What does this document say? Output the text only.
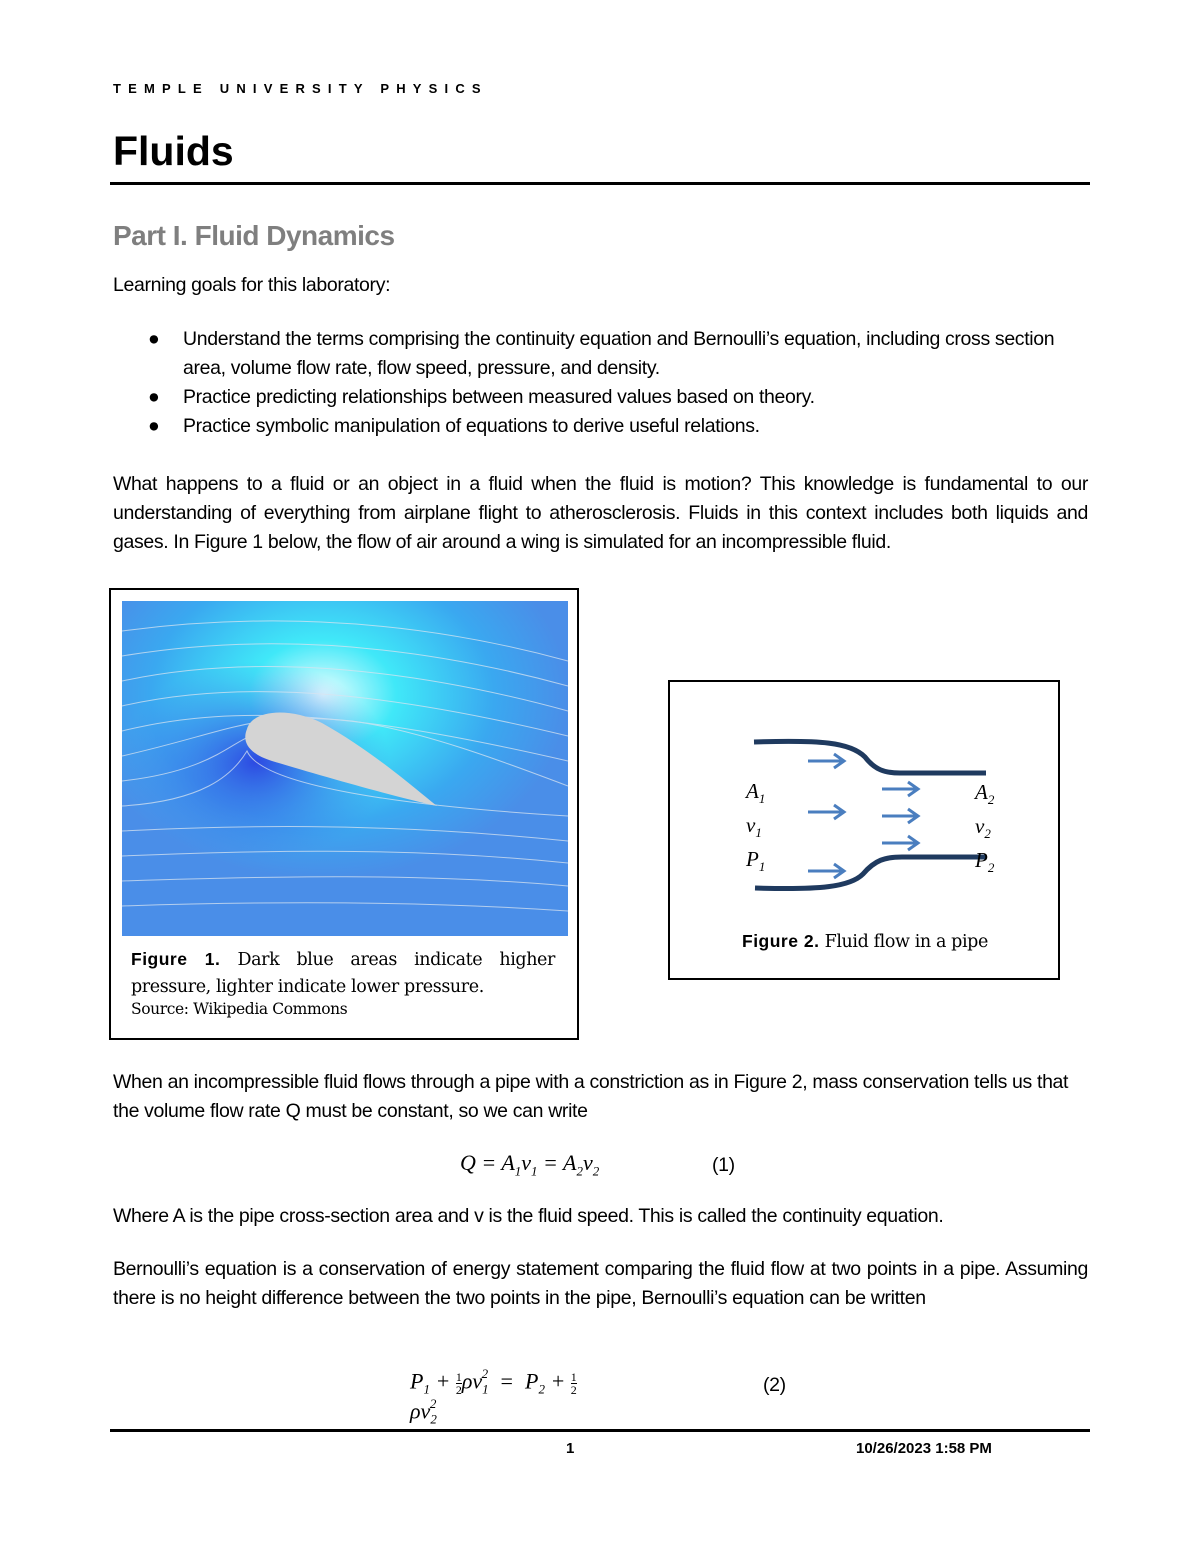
TEMPLE UNIVERSITY PHYSICS
Fluids
Part I. Fluid Dynamics
Learning goals for this laboratory:
● Understand the terms comprising the continuity equation and Bernoulli’s equation, including cross section area, volume flow rate, flow speed, pressure, and density.
● Practice predicting relationships between measured values based on theory.
● Practice symbolic manipulation of equations to derive useful relations.
What happens to a fluid or an object in a fluid when the fluid is motion? This knowledge is fundamental to our understanding of everything from airplane flight to atherosclerosis. Fluids in this context includes both liquids and gases. In Figure 1 below, the flow of air around a wing is simulated for an incompressible fluid.
Figure 1. Dark blue areas indicate higher pressure, lighter indicate lower pressure.
Source: Wikipedia Commons
$A_1$
$v_1$
$P_1$
$A_2$
$v_2$
$P_2$
Figure 2. Fluid flow in a pipe
When an incompressible fluid flows through a pipe with a constriction as in Figure 2, mass conservation tells us that the volume flow rate Q must be constant, so we can write
$Q = A_1v_1 = A_2v_2$	(1)
Where A is the pipe cross-section area and v is the fluid speed. This is called the continuity equation.
Bernoulli’s equation is a conservation of energy statement comparing the fluid flow at two points in a pipe. Assuming there is no height difference between the two points in the pipe, Bernoulli’s equation can be written
$P_1 + \frac{1}{2} \rho v_1^2 = P_2 + \frac{1}{2}$
$\rho v_2^2$
(2)
1	10/26/2023 1:58 PM
